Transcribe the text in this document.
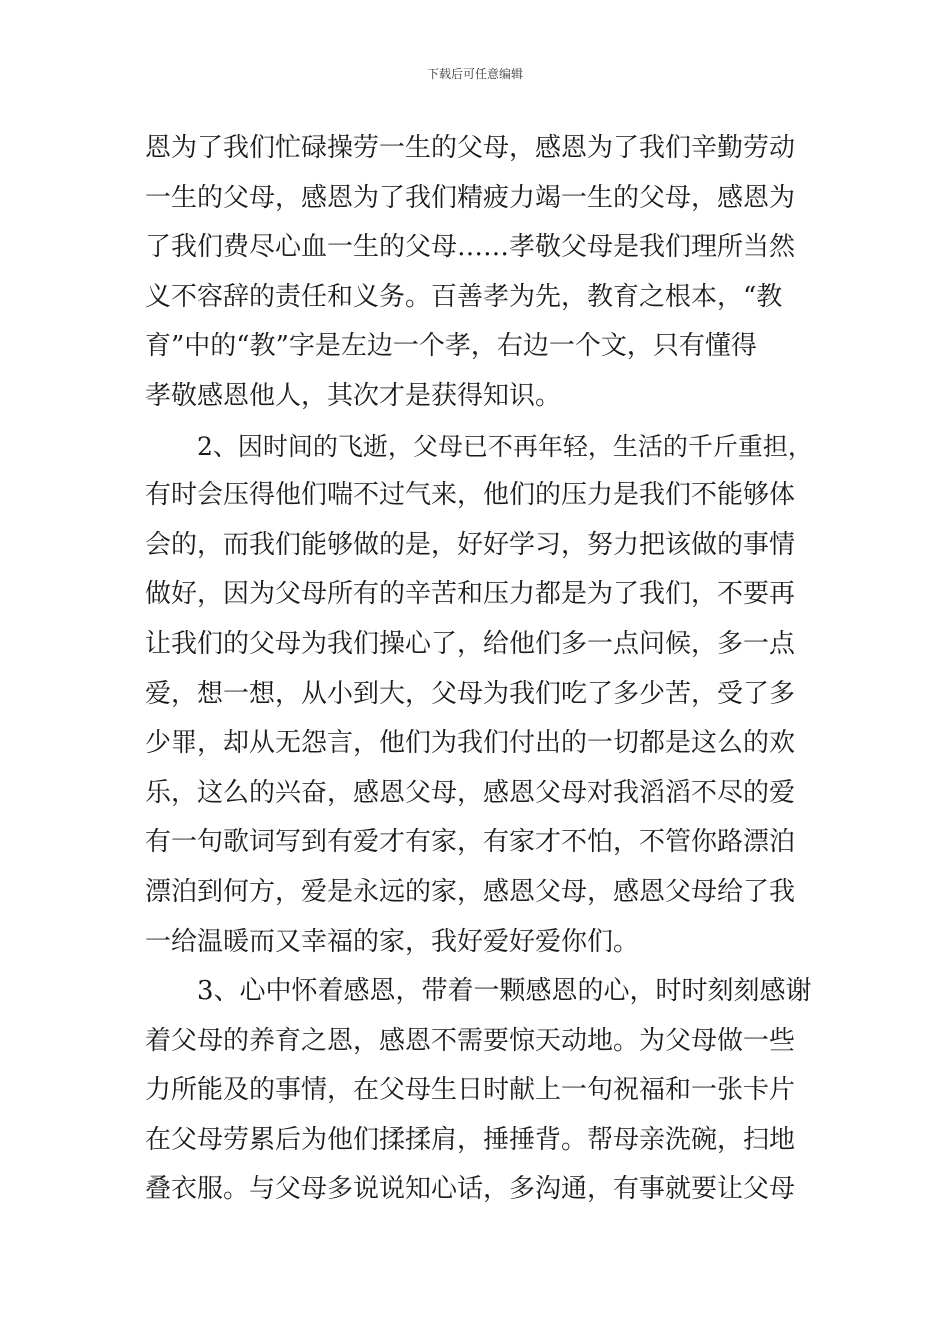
下载后可任意编辑
恩为了我们忙碌操劳一生的父母，感恩为了我们辛勤劳动
一生的父母，感恩为了我们精疲力竭一生的父母，感恩为
了我们费尽心血一生的父母……孝敬父母是我们理所当然
义不容辞的责任和义务。百善孝为先，教育之根本，“教
育”中的“教”字是左边一个孝，右边一个文，只有懂得
孝敬感恩他人，其次才是获得知识。
2、因时间的飞逝，父母已不再年轻，生活的千斤重担，
有时会压得他们喘不过气来，他们的压力是我们不能够体
会的，而我们能够做的是，好好学习，努力把该做的事情
做好，因为父母所有的辛苦和压力都是为了我们，不要再
让我们的父母为我们操心了，给他们多一点问候，多一点
爱，想一想，从小到大，父母为我们吃了多少苦，受了多
少罪，却从无怨言，他们为我们付出的一切都是这么的欢
乐，这么的兴奋，感恩父母，感恩父母对我滔滔不尽的爱
有一句歌词写到有爱才有家，有家才不怕，不管你路漂泊
漂泊到何方，爱是永远的家，感恩父母，感恩父母给了我
一给温暖而又幸福的家，我好爱好爱你们。
3、心中怀着感恩，带着一颗感恩的心，时时刻刻感谢
着父母的养育之恩，感恩不需要惊天动地。为父母做一些
力所能及的事情，在父母生日时献上一句祝福和一张卡片
在父母劳累后为他们揉揉肩，捶捶背。帮母亲洗碗，扫地
叠衣服。与父母多说说知心话，多沟通，有事就要让父母
